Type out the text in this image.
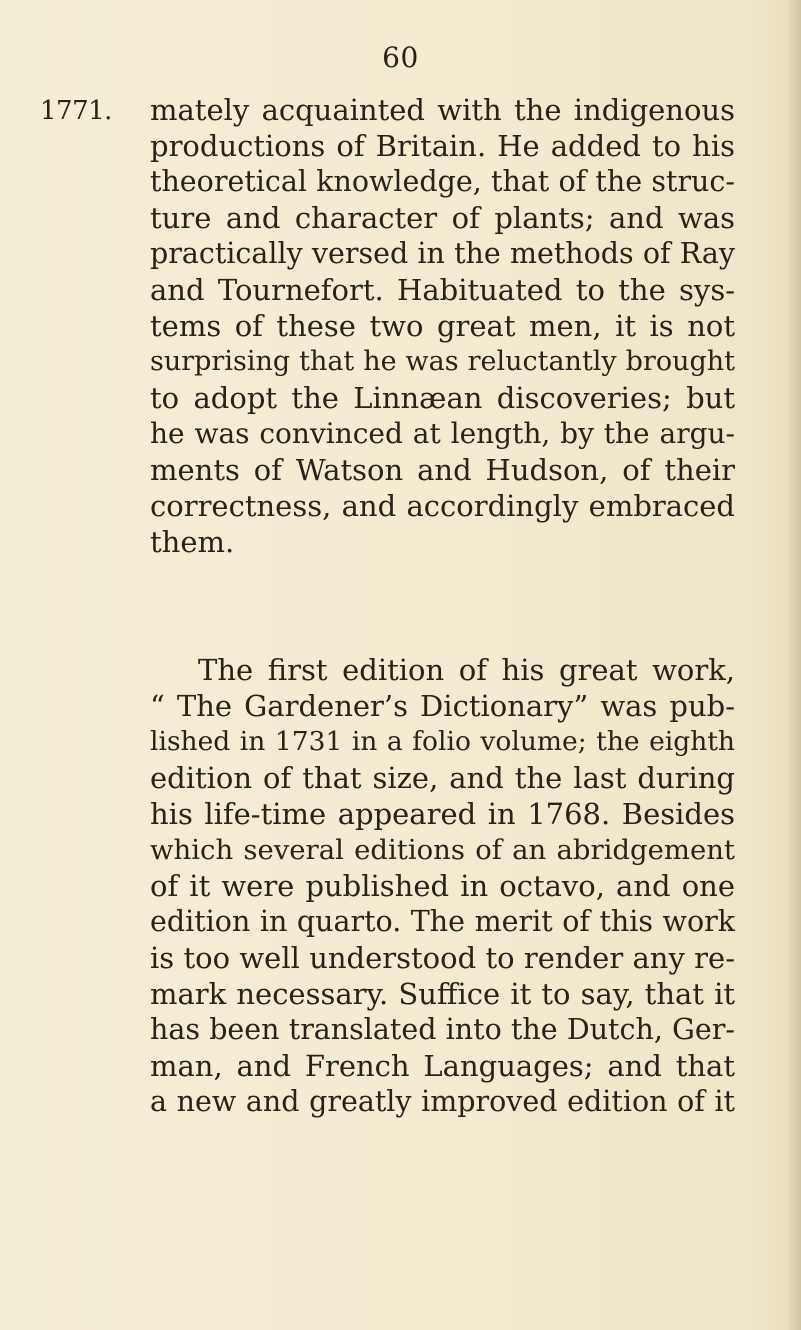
60
1771. mately acquainted with the indigenous
productions of Britain. He added to his
theoretical knowledge, that of the struc-
ture and character of plants; and was
practically versed in the methods of Ray
and Tournefort. Habituated to the sys-
tems of these two great men, it is not
surprising that he was reluctantly brought
to adopt the Linnæan discoveries; but
he was convinced at length, by the argu-
ments of Watson and Hudson, of their
correctness, and accordingly embraced
them.
The first edition of his great work,
“ The Gardener’s Dictionary” was pub-
lished in 1731 in a folio volume; the eighth
edition of that size, and the last during
his life-time appeared in 1768. Besides
which several editions of an abridgement
of it were published in octavo, and one
edition in quarto. The merit of this work
is too well understood to render any re-
mark necessary. Suffice it to say, that it
has been translated into the Dutch, Ger-
man, and French Languages; and that
a new and greatly improved edition of it
